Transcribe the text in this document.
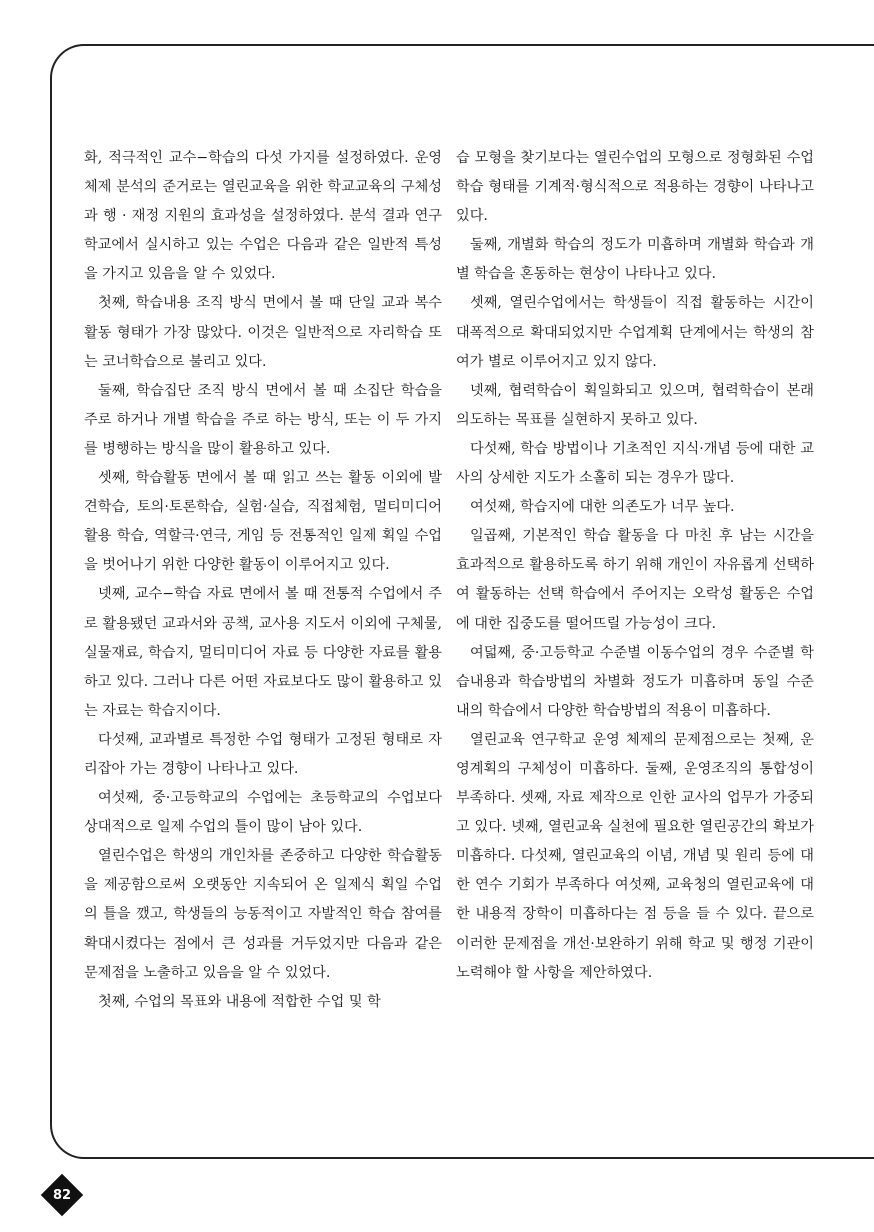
화, 적극적인 교수−학습의 다섯 가지를 설정하였다. 운영체제 분석의 준거로는 열린교육을 위한 학교교육의 구체성과 행 · 재정 지원의 효과성을 설정하였다. 분석 결과 연구학교에서 실시하고 있는 수업은 다음과 같은 일반적 특성을 가지고 있음을 알 수 있었다.

첫째, 학습내용 조직 방식 면에서 볼 때 단일 교과 복수 활동 형태가 가장 많았다. 이것은 일반적으로 자리학습 또는 코너학습으로 불리고 있다.

둘째, 학습집단 조직 방식 면에서 볼 때 소집단 학습을 주로 하거나 개별 학습을 주로 하는 방식, 또는 이 두 가지를 병행하는 방식을 많이 활용하고 있다.

셋째, 학습활동 면에서 볼 때 읽고 쓰는 활동 이외에 발견학습, 토의·토론학습, 실험·실습, 직접체험, 멀티미디어 활용 학습, 역할극·연극, 게임 등 전통적인 일제 획일 수업을 벗어나기 위한 다양한 활동이 이루어지고 있다.

넷째, 교수−학습 자료 면에서 볼 때 전통적 수업에서 주로 활용됐던 교과서와 공책, 교사용 지도서 이외에 구체물, 실물재료, 학습지, 멀티미디어 자료 등 다양한 자료를 활용하고 있다. 그러나 다른 어떤 자료보다도 많이 활용하고 있는 자료는 학습지이다.

다섯째, 교과별로 특정한 수업 형태가 고정된 형태로 자리잡아 가는 경향이 나타나고 있다.

여섯째, 중·고등학교의 수업에는 초등학교의 수업보다 상대적으로 일제 수업의 틀이 많이 남아 있다.

열린수업은 학생의 개인차를 존중하고 다양한 학습활동을 제공함으로써 오랫동안 지속되어 온 일제식 획일 수업의 틀을 깼고, 학생들의 능동적이고 자발적인 학습 참여를 확대시켰다는 점에서 큰 성과를 거두었지만 다음과 같은 문제점을 노출하고 있음을 알 수 있었다.

첫째, 수업의 목표와 내용에 적합한 수업 및 학

습 모형을 찾기보다는 열린수업의 모형으로 정형화된 수업학습 형태를 기계적·형식적으로 적용하는 경향이 나타나고 있다.

둘째, 개별화 학습의 정도가 미흡하며 개별화 학습과 개별 학습을 혼동하는 현상이 나타나고 있다.

셋째, 열린수업에서는 학생들이 직접 활동하는 시간이 대폭적으로 확대되었지만 수업계획 단계에서는 학생의 참여가 별로 이루어지고 있지 않다.

넷째, 협력학습이 획일화되고 있으며, 협력학습이 본래 의도하는 목표를 실현하지 못하고 있다.

다섯째, 학습 방법이나 기초적인 지식·개념 등에 대한 교사의 상세한 지도가 소홀히 되는 경우가 많다.

여섯째, 학습지에 대한 의존도가 너무 높다.

일곱째, 기본적인 학습 활동을 다 마친 후 남는 시간을 효과적으로 활용하도록 하기 위해 개인이 자유롭게 선택하여 활동하는 선택 학습에서 주어지는 오락성 활동은 수업에 대한 집중도를 떨어뜨릴 가능성이 크다.

여덟째, 중·고등학교 수준별 이동수업의 경우 수준별 학습내용과 학습방법의 차별화 정도가 미흡하며 동일 수준 내의 학습에서 다양한 학습방법의 적용이 미흡하다.

열린교육 연구학교 운영 체제의 문제점으로는 첫째, 운영계획의 구체성이 미흡하다. 둘째, 운영조직의 통합성이 부족하다. 셋째, 자료 제작으로 인한 교사의 업무가 가중되고 있다. 넷째, 열린교육 실천에 필요한 열린공간의 확보가 미흡하다. 다섯째, 열린교육의 이념, 개념 및 원리 등에 대한 연수 기회가 부족하다 여섯째, 교육청의 열린교육에 대한 내용적 장학이 미흡하다는 점 등을 들 수 있다. 끝으로 이러한 문제점을 개선·보완하기 위해 학교 및 행정 기관이 노력해야 할 사항을 제안하였다.

82
